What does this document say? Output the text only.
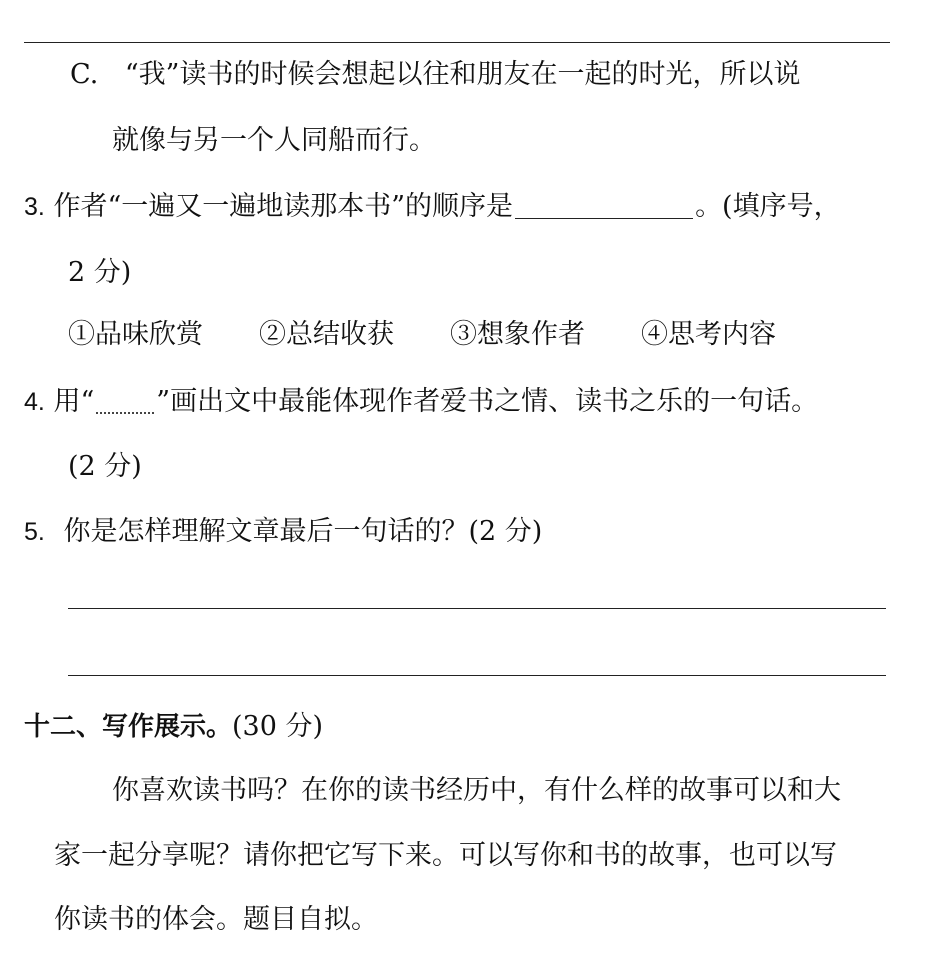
C. “我”读书的时候会想起以往和朋友在一起的时光，所以说
就像与另一个人同船而行。
3. 作者“一遍又一遍地读那本书”的顺序是	。(填序号，
2 分)
①品味欣赏 ②总结收获 ③想象作者 ④思考内容
4. 用“ ”画出文中最能体现作者爱书之情、读书之乐的一句话。
(2 分)
5. 你是怎样理解文章最后一句话的？(2 分)
十二、写作展示。(30 分)
你喜欢读书吗？在你的读书经历中，有什么样的故事可以和大
家一起分享呢？请你把它写下来。可以写你和书的故事，也可以写
你读书的体会。题目自拟。
